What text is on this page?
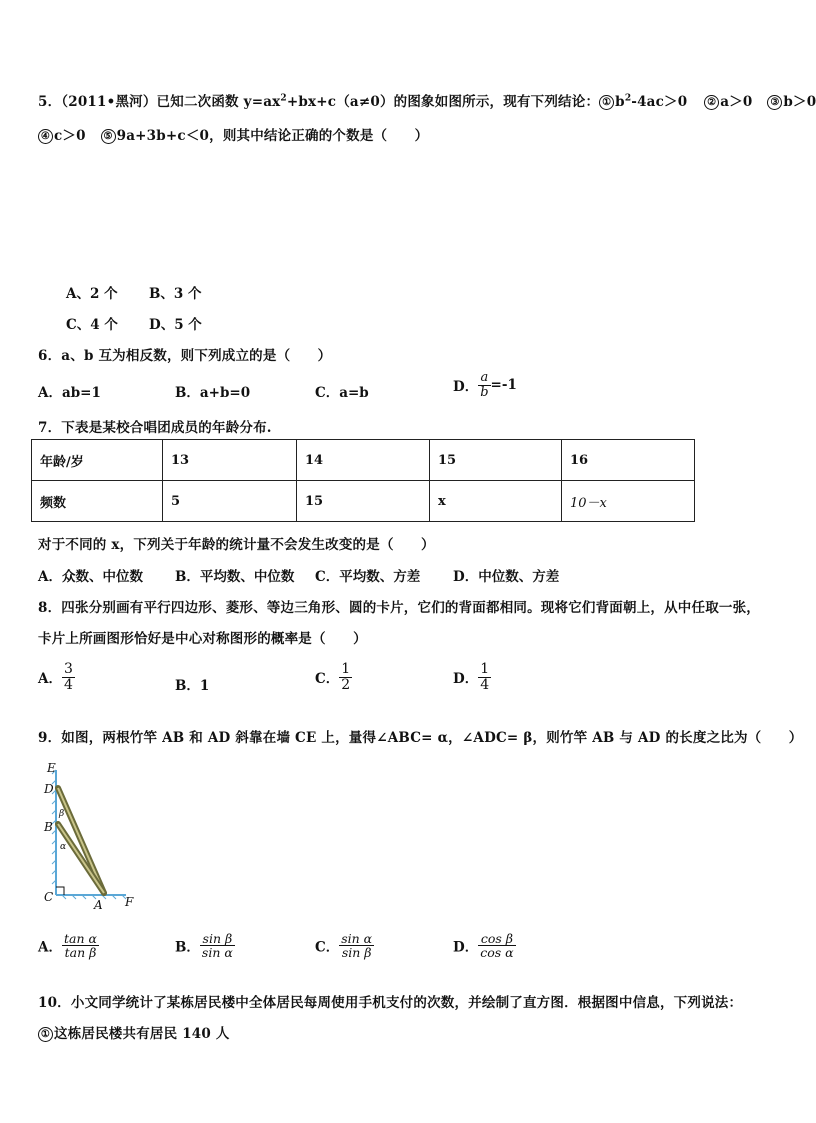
5．（2011•黑河）已知二次函数 $y=ax^2+bx+c(a\ne 0)$的图象如图所示，现有下列结论： ① $b^2-4ac>0$ ② a＞0 ③ b＞0
④ c＞0 ⑤ 9a+3b+c＜0，则其中结论正确的个数是（　　）
A、2 个 B、3 个
C、4 个 D、5 个
6．a、b 互为相反数，则下列成立的是（　　）
A．ab=1	B．a+b=0	C．a=b	D． $\frac{a}{b} =-1$
7．下表是某校合唱团成员的年龄分布.
年龄/岁	13	14	15	16
频数	5	15	x	10－x
对于不同的 x，下列关于年龄的统计量不会发生改变的是（　　）
A．众数、中位数 B．平均数、中位数 C．平均数、方差 D．中位数、方差
8．四张分别画有平行四边形、菱形、等边三角形、圆的卡片，它们的背面都相同。现将它们背面朝上，从中任取一张，
卡片上所画图形恰好是中心对称图形的概率是（　　）
A． $\frac{3}{4}$	B．1	C． $\frac{1}{2}$	D． $\frac{1}{4}$
9．如图，两根竹竿 AB 和 AD 斜靠在墙 CE 上，量得∠ABC= α，∠ADC= β，则竹竿 AB 与 AD 的长度之比为（　　）
E
D
B
C
A F
β
α
A． $\frac{\text{tan α}}{\text{tan β}}$	B． $\frac{\text{sin β}}{\text{sin α}}$	C． $\frac{\text{sin α}}{\text{sin β}}$	D． $\frac{\text{cos β}}{\text{cos α}}$
10．小文同学统计了某栋居民楼中全体居民每周使用手机支付的次数，并绘制了直方图．根据图中信息，下列说法：
① 这栋居民楼共有居民 140 人
